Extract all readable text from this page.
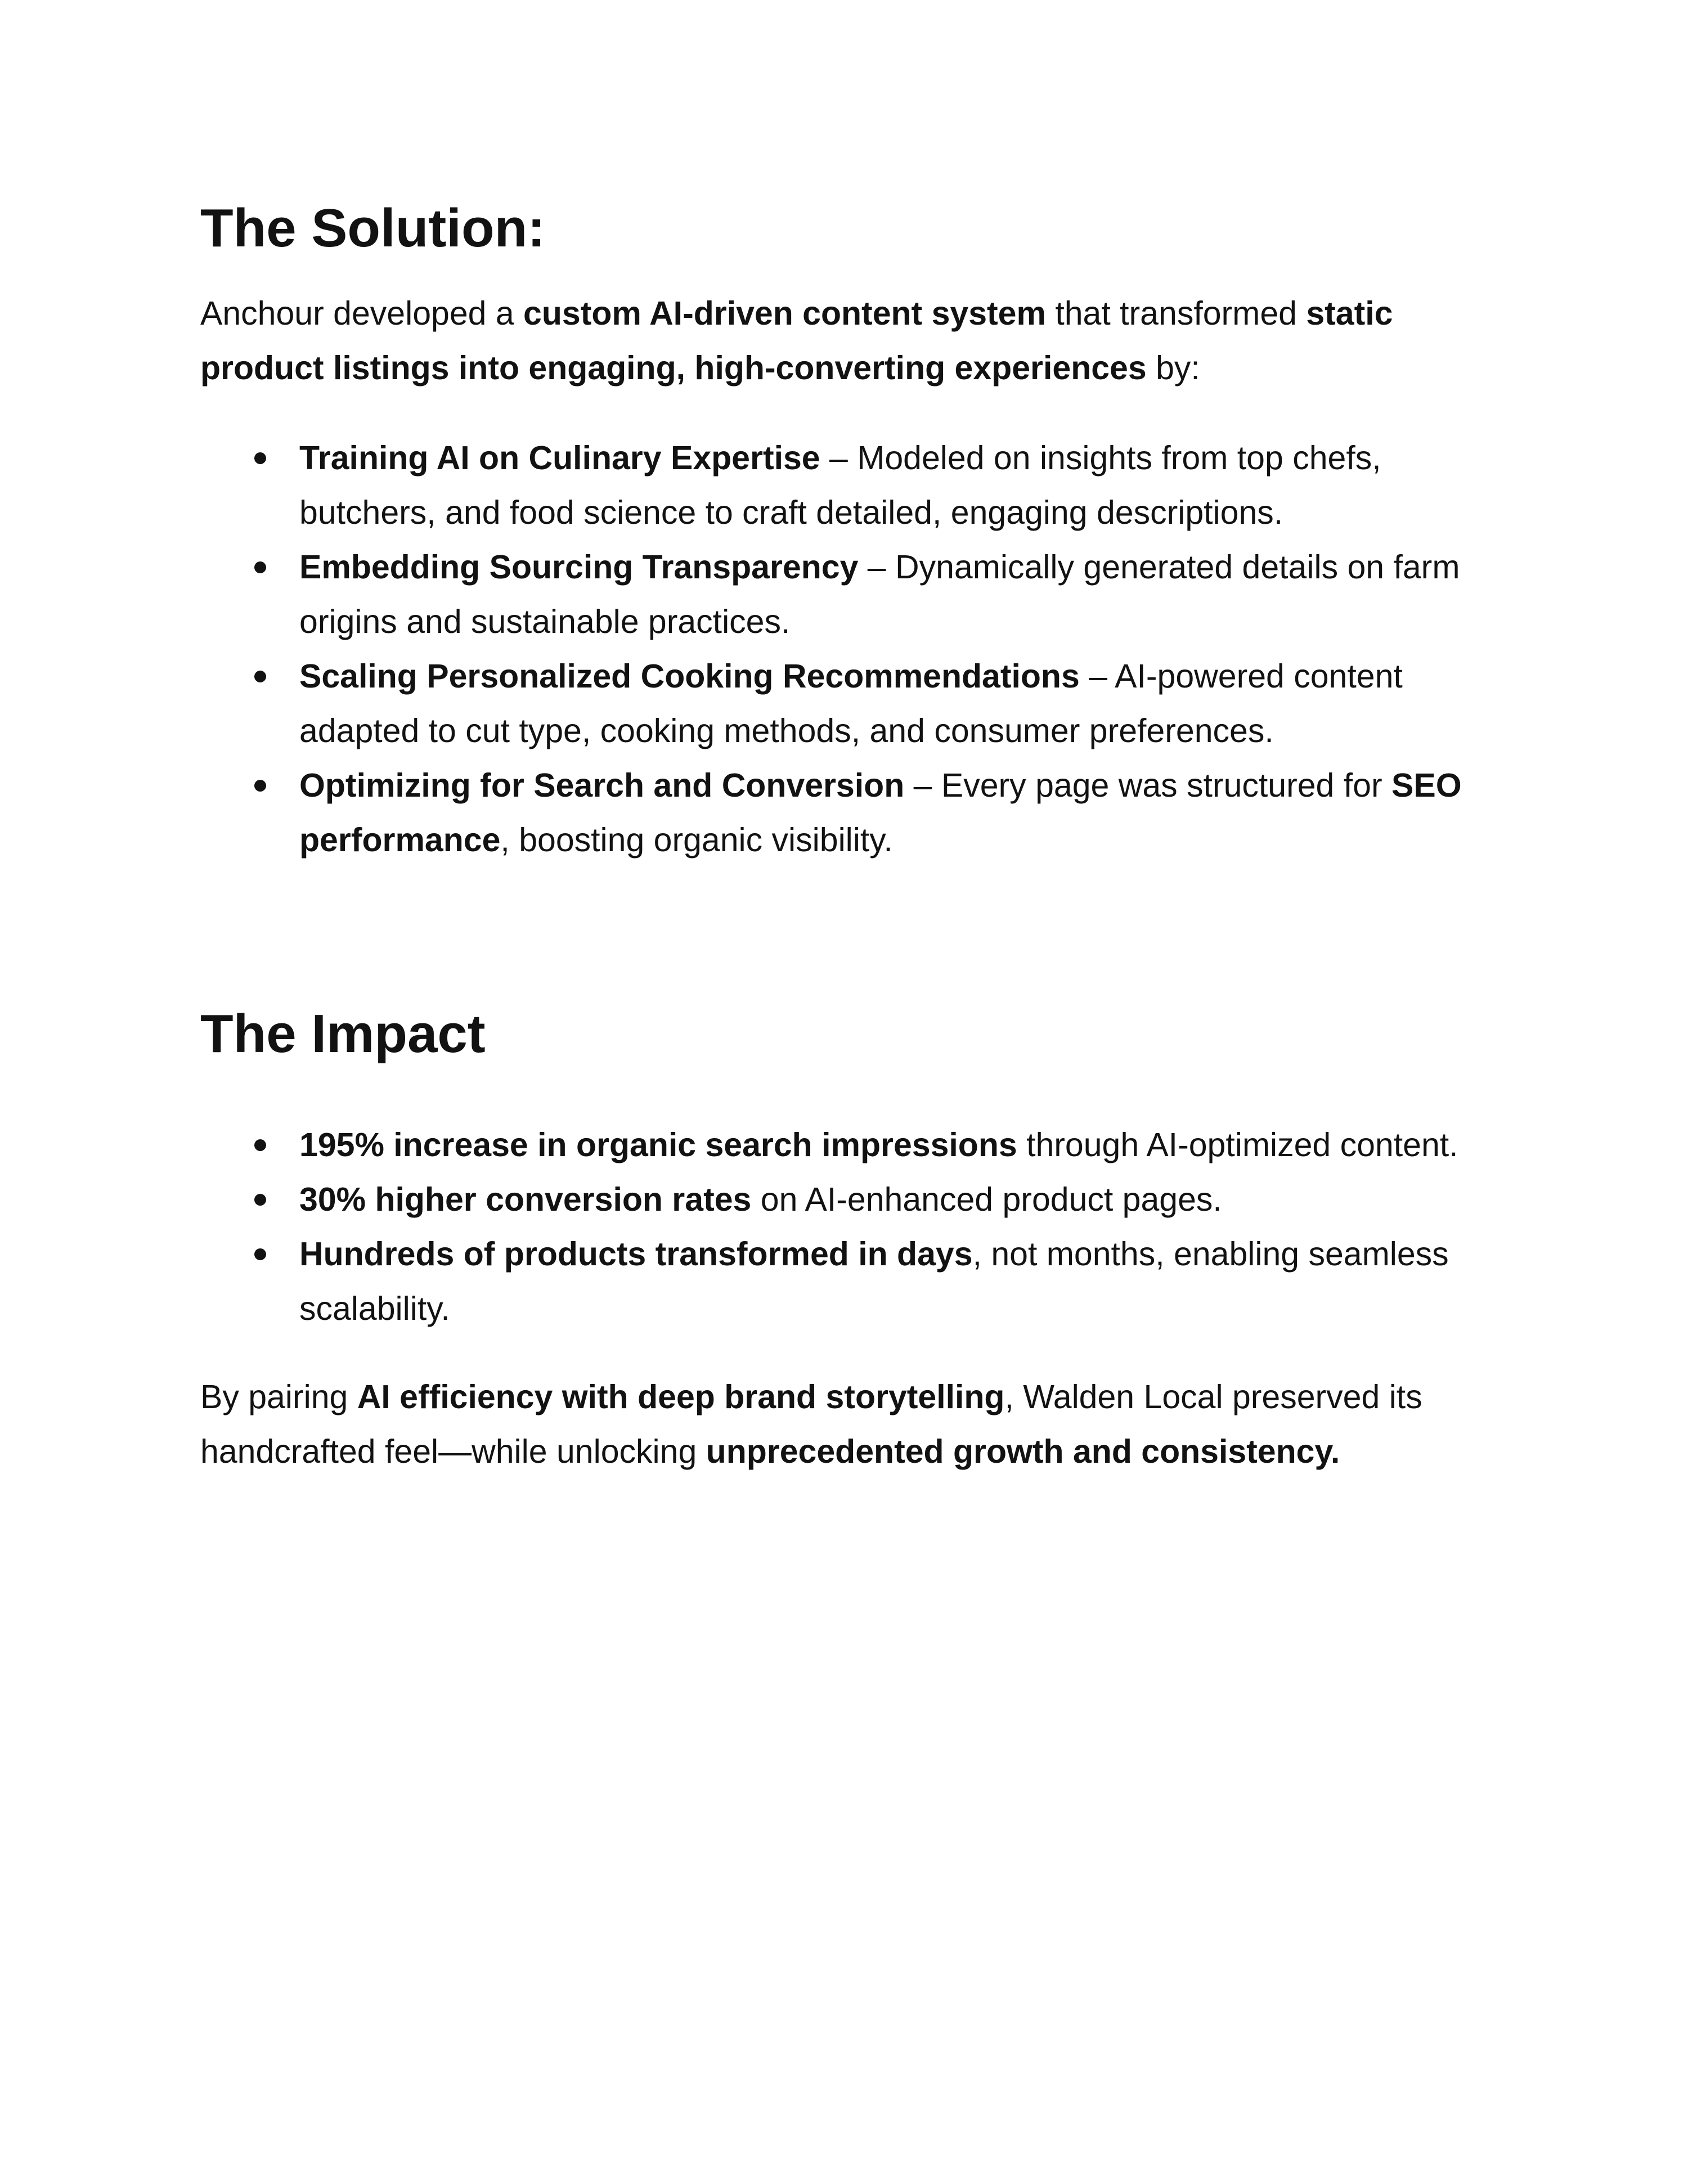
The Solution:

Anchour developed a custom AI-driven content system that transformed static product listings into engaging, high-converting experiences by:

Training AI on Culinary Expertise – Modeled on insights from top chefs, butchers, and food science to craft detailed, engaging descriptions.
Embedding Sourcing Transparency – Dynamically generated details on farm origins and sustainable practices.
Scaling Personalized Cooking Recommendations – AI-powered content adapted to cut type, cooking methods, and consumer preferences.
Optimizing for Search and Conversion – Every page was structured for SEO performance, boosting organic visibility.
The Impact
195% increase in organic search impressions through AI-optimized content.
30% higher conversion rates on AI-enhanced product pages.
Hundreds of products transformed in days, not months, enabling seamless scalability.

By pairing AI efficiency with deep brand storytelling, Walden Local preserved its handcrafted feel—while unlocking unprecedented growth and consistency.
